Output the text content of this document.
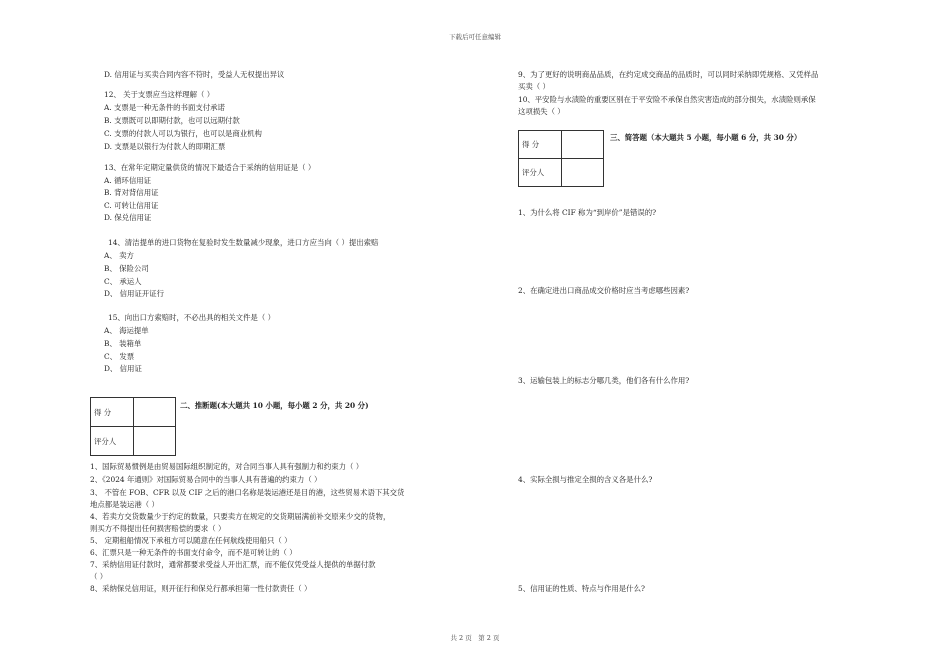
下载后可任意编辑
D. 信用证与买卖合同内容不符时，受益人无权提出异议
12、 关于支票应当这样理解（ ）
A. 支票是一种无条件的书面支付承诺
B. 支票既可以即期付款，也可以远期付款
C. 支票的付款人可以为银行，也可以是商业机构
D. 支票是以银行为付款人的即期汇票
13、在常年定期定量供货的情况下最适合于采纳的信用证是（ ）
A. 循环信用证
B. 背对背信用证
C. 可转让信用证
D. 保兑信用证
14、清洁提单的进口货物在复验时发生数量减少现象，进口方应当向（ ）提出索赔
A、 卖方
B、 保险公司
C、 承运人
D、 信用证开证行
15、向出口方索赔时，不必出具的相关文件是（ ）
A、 海运提单
B、 装箱单
C、 发票
D、 信用证
得 分	
评分人	
二、推断题(本大题共 10 小题，每小题 2 分，共 20 分)
1、国际贸易惯例是由贸易国际组织制定的，对合同当事人具有强制力和约束力（ ）
2、《2024 年通则》对国际贸易合同中的当事人具有普遍的约束力（ ）
3、 不管在 FOB、CFR 以及 CIF 之后的港口名称是装运港还是目的港，这些贸易术语下其交货
地点都是装运港（ ）
4、若卖方交货数量少于约定的数量，只要卖方在规定的交货期届满前补交原来少交的货物，
则买方不得提出任何损害赔偿的要求（ ）
5、 定期租船情况下承租方可以随意在任何航线使用船只（ ）
6、汇票只是一种无条件的书面支付命令，而不是可转让的（ ）
7、采纳信用证付款时，通常都要求受益人开出汇票，而不能仅凭受益人提供的单据付款
（ ）
8、采纳保兑信用证，则开征行和保兑行都承担第一性付款责任（ ）
9、为了更好的说明商品品质，在约定成交商品的品质时，可以同时采纳即凭规格、又凭样品
买卖（ ）
10、平安险与水渍险的重要区别在于平安险不承保自然灾害造成的部分损失，水渍险则承保
这项损失（ ）
得 分	
评分人	
三、简答题（本大题共 5 小题，每小题 6 分，共 30 分）
1、为什么将 CIF 称为“到岸价”是错误的?
2、在确定进出口商品成交价格时应当考虑哪些因素?
3、运输包装上的标志分哪几类，他们各有什么作用?
4、实际全损与推定全损的含义各是什么?
5、信用证的性质、特点与作用是什么?
共 2 页　第 2 页
